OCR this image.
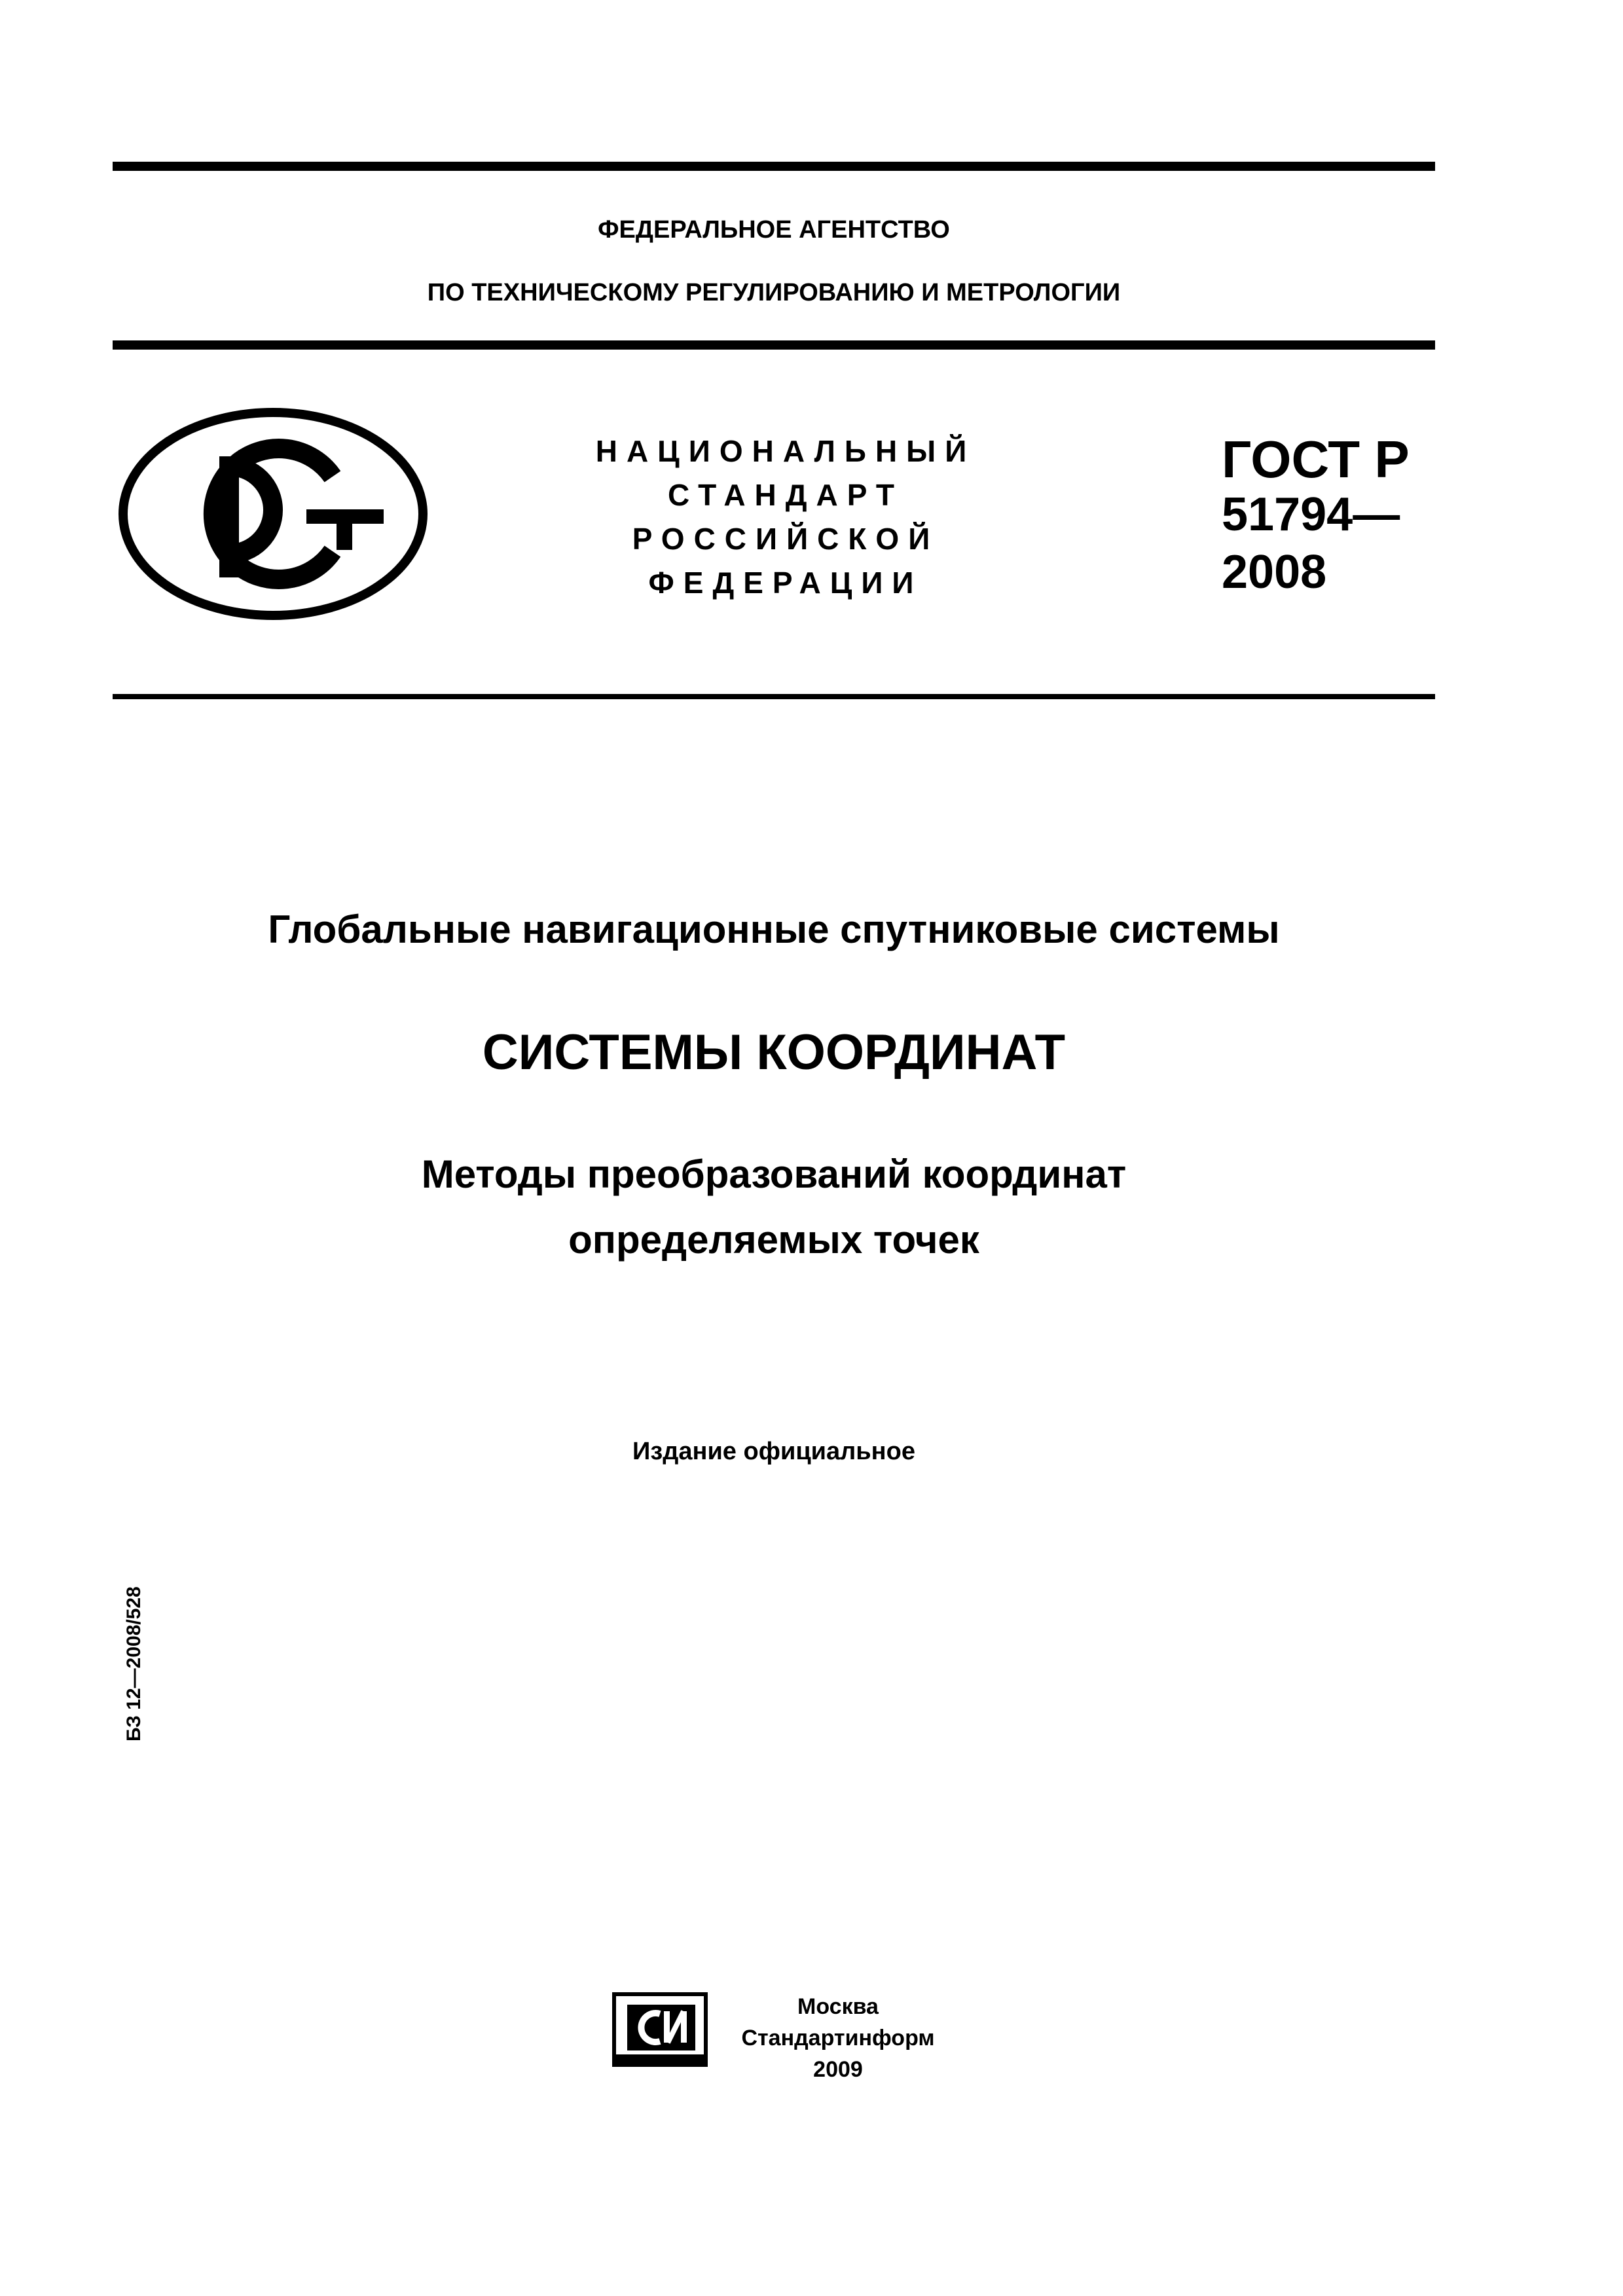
ФЕДЕРАЛЬНОЕ АГЕНТСТВО
ПО ТЕХНИЧЕСКОМУ РЕГУЛИРОВАНИЮ И МЕТРОЛОГИИ
НАЦИОНАЛЬНЫЙ
СТАНДАРТ
РОССИЙСКОЙ
ФЕДЕРАЦИИ
ГОСТ Р
51794—
2008
Глобальные навигационные спутниковые системы
СИСТЕМЫ КООРДИНАТ
Методы преобразований координат
определяемых точек
Издание официальное
БЗ 12—2008/528
Москва
Стандартинформ
2009
